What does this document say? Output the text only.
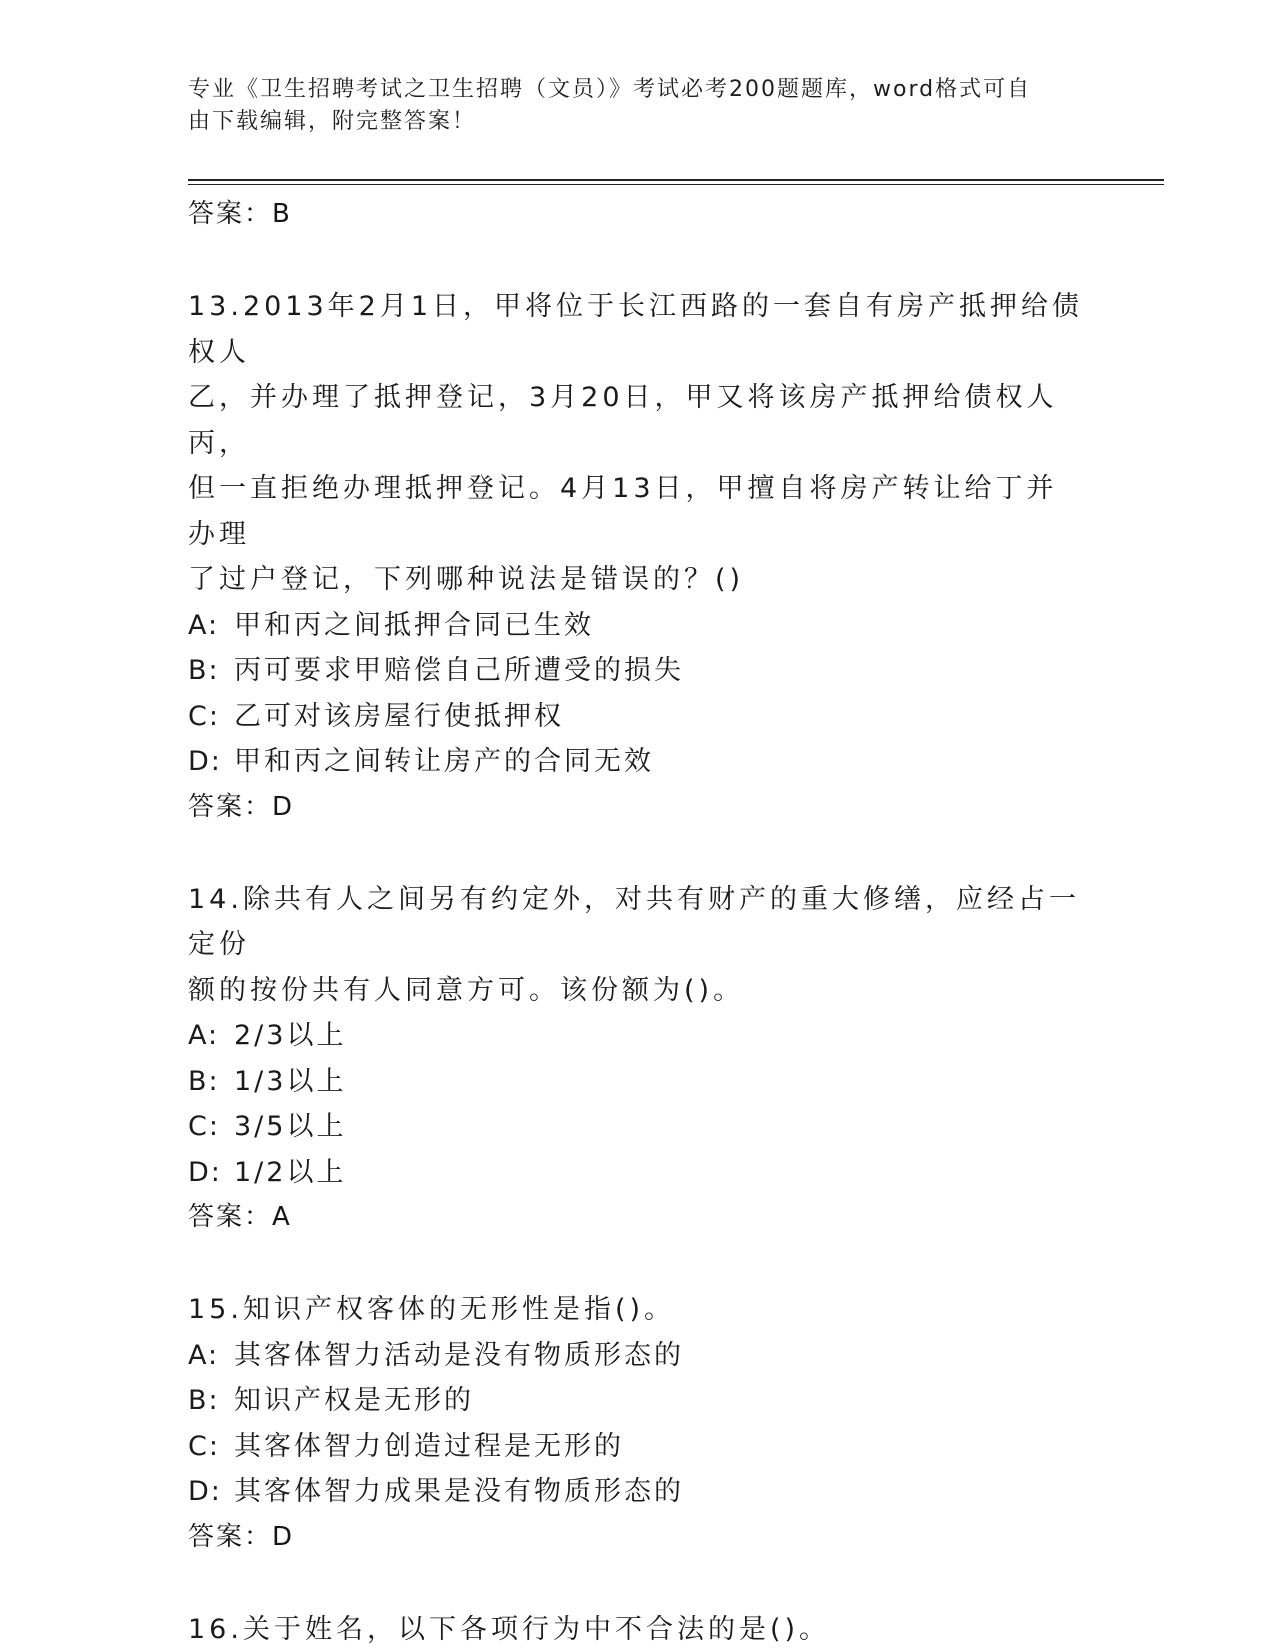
专业《卫生招聘考试之卫生招聘（文员）》考试必考200题题库，word格式可自
由下载编辑，附完整答案！
答案：B
13.2013年2月1日，甲将位于长江西路的一套自有房产抵押给债权人
乙，并办理了抵押登记，3月20日，甲又将该房产抵押给债权人丙，
但一直拒绝办理抵押登记。4月13日，甲擅自将房产转让给丁并办理
了过户登记，下列哪种说法是错误的？()
A: 甲和丙之间抵押合同已生效
B: 丙可要求甲赔偿自己所遭受的损失
C: 乙可对该房屋行使抵押权
D: 甲和丙之间转让房产的合同无效
答案：D
14.除共有人之间另有约定外，对共有财产的重大修缮，应经占一定份
额的按份共有人同意方可。该份额为()。
A: 2/3以上
B: 1/3以上
C: 3/5以上
D: 1/2以上
答案：A
15.知识产权客体的无形性是指()。
A: 其客体智力活动是没有物质形态的
B: 知识产权是无形的
C: 其客体智力创造过程是无形的
D: 其客体智力成果是没有物质形态的
答案：D
16.关于姓名，以下各项行为中不合法的是()。
